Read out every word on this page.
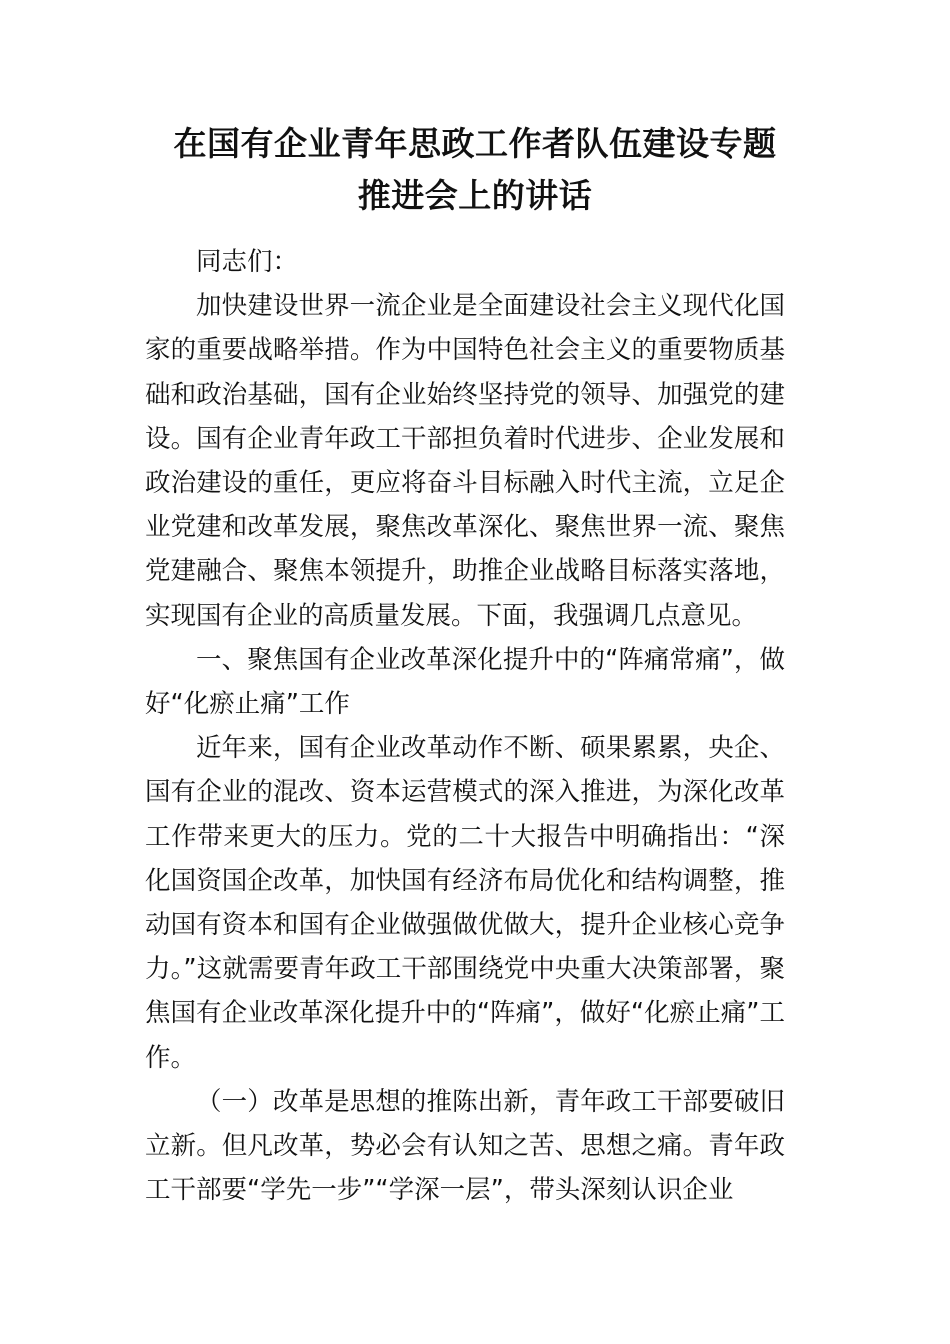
在国有企业青年思政工作者队伍建设专题
推进会上的讲话

同志们：

加快建设世界一流企业是全面建设社会主义现代化国家的重要战略举措。作为中国特色社会主义的重要物质基础和政治基础，国有企业始终坚持党的领导、加强党的建设。国有企业青年政工干部担负着时代进步、企业发展和政治建设的重任，更应将奋斗目标融入时代主流，立足企业党建和改革发展，聚焦改革深化、聚焦世界一流、聚焦党建融合、聚焦本领提升，助推企业战略目标落实落地，实现国有企业的高质量发展。下面，我强调几点意见。

一、聚焦国有企业改革深化提升中的“阵痛常痛”，做好“化瘀止痛”工作

近年来，国有企业改革动作不断、硕果累累，央企、国有企业的混改、资本运营模式的深入推进，为深化改革工作带来更大的压力。党的二十大报告中明确指出：“深化国资国企改革，加快国有经济布局优化和结构调整，推动国有资本和国有企业做强做优做大，提升企业核心竞争力。”这就需要青年政工干部围绕党中央重大决策部署，聚焦国有企业改革深化提升中的“阵痛”，做好“化瘀止痛”工作。

（一）改革是思想的推陈出新，青年政工干部要破旧立新。但凡改革，势必会有认知之苦、思想之痛。青年政工干部要“学先一步”“学深一层”，带头深刻认识企业
